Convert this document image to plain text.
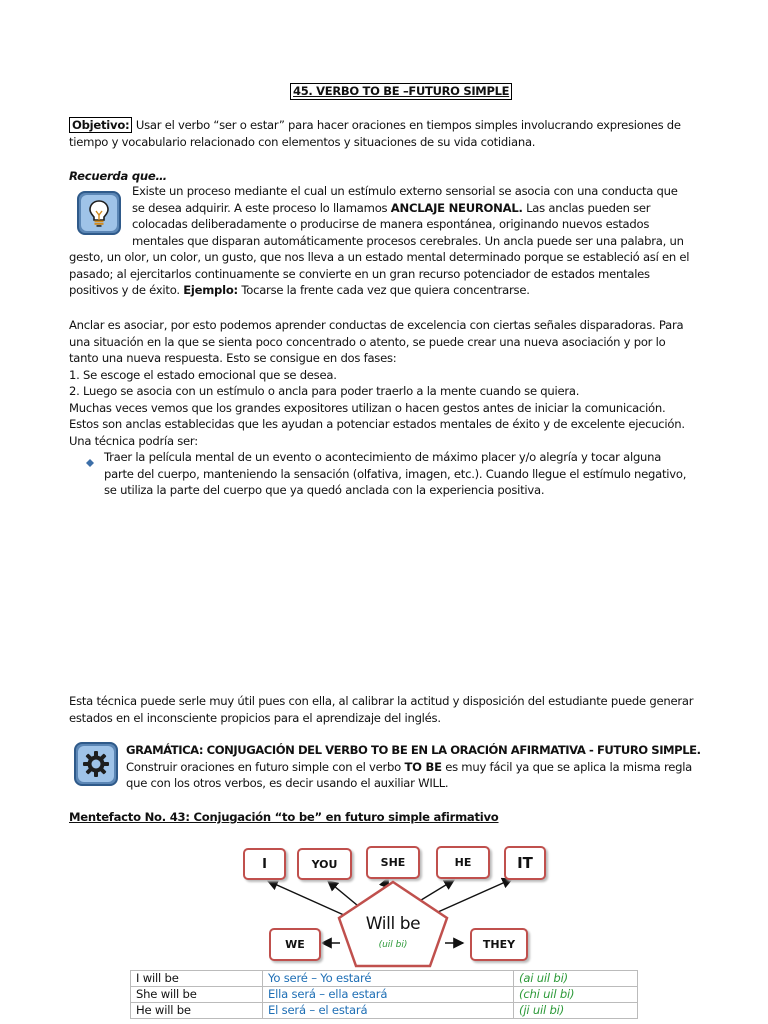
45. VERBO TO BE –FUTURO SIMPLE
Objetivo: Usar el verbo “ser o estar” para hacer oraciones en tiempos simples involucrando expresiones de
tiempo y vocabulario relacionado con elementos y situaciones de su vida cotidiana.
Recuerda que…
Existe un proceso mediante el cual un estímulo externo sensorial se asocia con una conducta que
se desea adquirir. A este proceso lo llamamos ANCLAJE NEURONAL. Las anclas pueden ser
colocadas deliberadamente o producirse de manera espontánea, originando nuevos estados
mentales que disparan automáticamente procesos cerebrales. Un ancla puede ser una palabra, un
gesto, un olor, un color, un gusto, que nos lleva a un estado mental determinado porque se estableció así en el
pasado; al ejercitarlos continuamente se convierte en un gran recurso potenciador de estados mentales
positivos y de éxito. Ejemplo: Tocarse la frente cada vez que quiera concentrarse.
Anclar es asociar, por esto podemos aprender conductas de excelencia con ciertas señales disparadoras. Para
una situación en la que se sienta poco concentrado o atento, se puede crear una nueva asociación y por lo
tanto una nueva respuesta. Esto se consigue en dos fases:
1. Se escoge el estado emocional que se desea.
2. Luego se asocia con un estímulo o ancla para poder traerlo a la mente cuando se quiera.
Muchas veces vemos que los grandes expositores utilizan o hacen gestos antes de iniciar la comunicación.
Estos son anclas establecidas que les ayudan a potenciar estados mentales de éxito y de excelente ejecución.
Una técnica podría ser:
Traer la película mental de un evento o acontecimiento de máximo placer y/o alegría y tocar alguna
parte del cuerpo, manteniendo la sensación (olfativa, imagen, etc.). Cuando llegue el estímulo negativo,
se utiliza la parte del cuerpo que ya quedó anclada con la experiencia positiva.
Esta técnica puede serle muy útil pues con ella, al calibrar la actitud y disposición del estudiante puede generar
estados en el inconsciente propicios para el aprendizaje del inglés.
GRAMÁTICA: CONJUGACIÓN DEL VERBO TO BE EN LA ORACIÓN AFIRMATIVA - FUTURO SIMPLE.
Construir oraciones en futuro simple con el verbo TO BE es muy fácil ya que se aplica la misma regla
que con los otros verbos, es decir usando el auxiliar WILL.
Mentefacto No. 43: Conjugación “to be” en futuro simple afirmativo
I	YOU	SHE	HE	IT
WE	THEY
Will be
(uil bi)
I will be	Yo seré – Yo estaré	(ai uil bi)
She will be	Ella será – ella estará	(chi uil bi)
He will be	El será – el estará	(ji uil bi)
